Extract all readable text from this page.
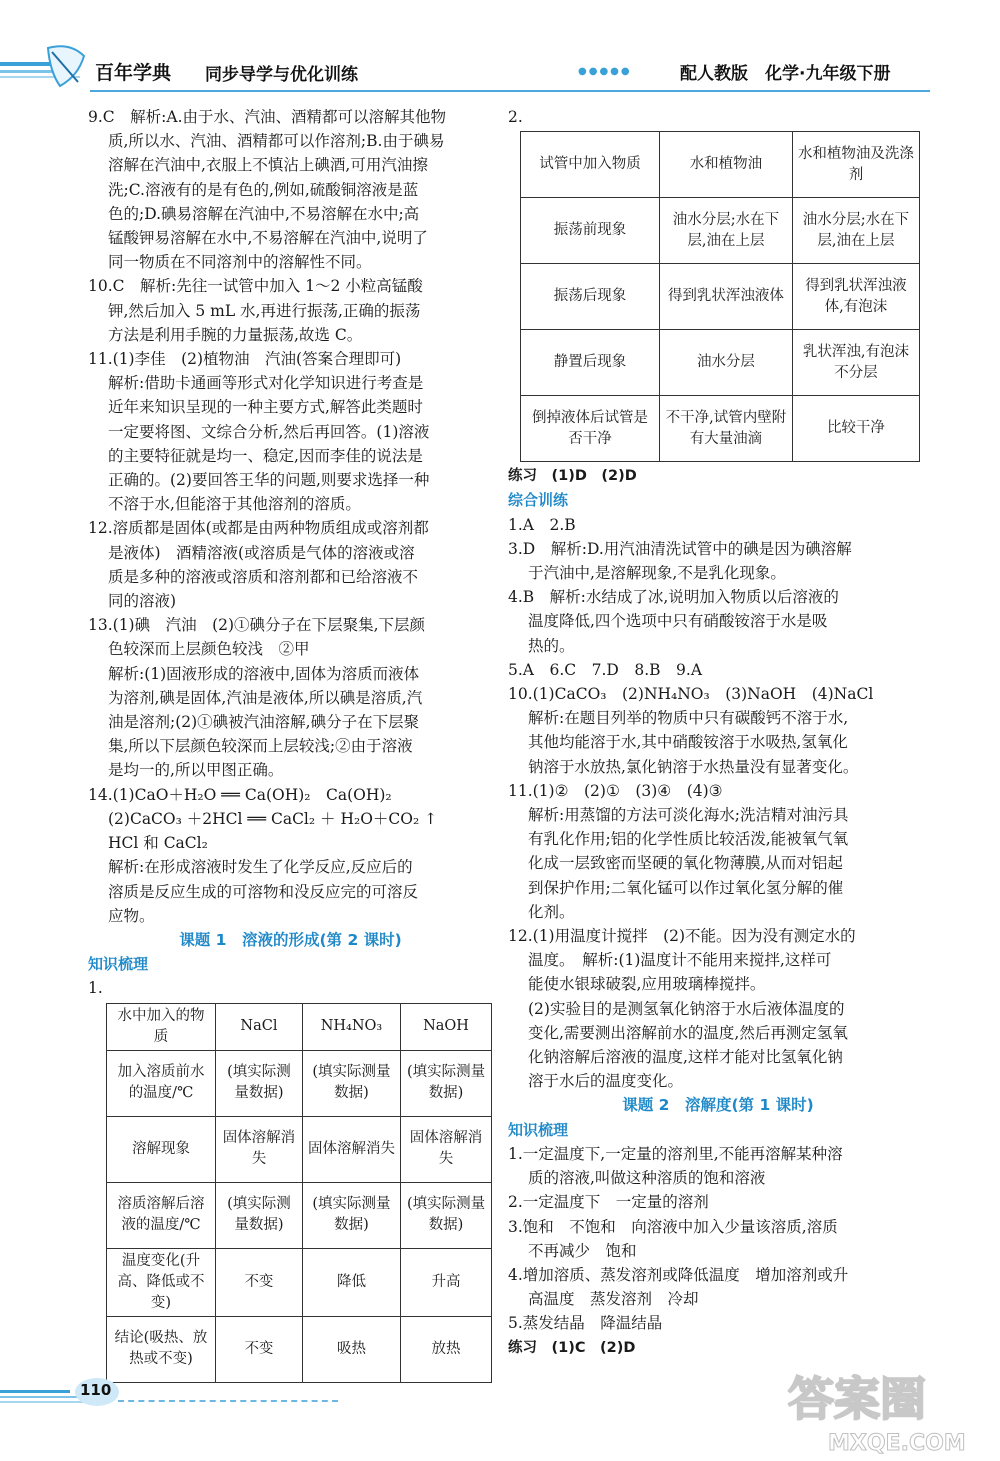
百年学典 同步导学与优化训练	●●●●●	配人教版　 化学·九年级下册

9.C　解析:A.由于水、汽油、酒精都可以溶解其他物

质,所以水、汽油、酒精都可以作溶剂;B.由于碘易

溶解在汽油中,衣服上不慎沾上碘酒,可用汽油擦

洗;C.溶液有的是有色的,例如,硫酸铜溶液是蓝

色的;D.碘易溶解在汽油中,不易溶解在水中;高

锰酸钾易溶解在水中,不易溶解在汽油中,说明了

同一物质在不同溶剂中的溶解性不同。

10.C　解析:先往一试管中加入 1～2 小粒高锰酸

钾,然后加入 5 mL 水,再进行振荡,正确的振荡

方法是利用手腕的力量振荡,故选 C。

11.(1)李佳　(2)植物油　汽油(答案合理即可)

解析:借助卡通画等形式对化学知识进行考查是

近年来知识呈现的一种主要方式,解答此类题时

一定要将图、文综合分析,然后再回答。(1)溶液

的主要特征就是均一、稳定,因而李佳的说法是

正确的。(2)要回答王华的问题,则要求选择一种

不溶于水,但能溶于其他溶剂的溶质。

12.溶质都是固体(或都是由两种物质组成或溶剂都

是液体)　酒精溶液(或溶质是气体的溶液或溶

质是多种的溶液或溶质和溶剂都和已给溶液不

同的溶液)

13.(1)碘　汽油　(2)①碘分子在下层聚集,下层颜

色较深而上层颜色较浅　②甲

解析:(1)固液形成的溶液中,固体为溶质而液体

为溶剂,碘是固体,汽油是液体,所以碘是溶质,汽

油是溶剂;(2)①碘被汽油溶解,碘分子在下层聚

集,所以下层颜色较深而上层较浅;②由于溶液

是均一的,所以甲图正确。

14.(1)CaO＋H₂O ══ Ca(OH)₂　Ca(OH)₂

(2)CaCO₃ ＋2HCl ══ CaCl₂ ＋ H₂O＋CO₂ ↑

HCl 和 CaCl₂

解析:在形成溶液时发生了化学反应,反应后的

溶质是反应生成的可溶物和没反应完的可溶反

应物。

课题 1　溶液的形成(第 2 课时)

知识梳理

1.

水中加入的物质	NaCl	NH₄NO₃	NaOH
加入溶质前水的温度/℃	(填实际测量数据)	(填实际测量数据)	(填实际测量数据)
溶解现象	固体溶解消失	固体溶解消失	固体溶解消失
溶质溶解后溶液的温度/℃	(填实际测量数据)	(填实际测量数据)	(填实际测量数据)
温度变化(升高、降低或不变)	不变	降低	升高
结论(吸热、放热或不变)	不变	吸热	放热

2.

试管中加入物质	水和植物油	水和植物油及洗涤剂
振荡前现象	油水分层;水在下层,油在上层	油水分层;水在下层,油在上层
振荡后现象	得到乳状浑浊液体	得到乳状浑浊液体,有泡沫
静置后现象	油水分层	乳状浑浊,有泡沫不分层
倒掉液体后试管是否干净	不干净,试管内壁附有大量油滴	比较干净

练习　(1)D　(2)D

综合训练

1.A　2.B

3.D　解析:D.用汽油清洗试管中的碘是因为碘溶解

于汽油中,是溶解现象,不是乳化现象。

4.B　解析:水结成了冰,说明加入物质以后溶液的

温度降低,四个选项中只有硝酸铵溶于水是吸

热的。

5.A　6.C　7.D　8.B　9.A

10.(1)CaCO₃　(2)NH₄NO₃　(3)NaOH　(4)NaCl

解析:在题目列举的物质中只有碳酸钙不溶于水,

其他均能溶于水,其中硝酸铵溶于水吸热,氢氧化

钠溶于水放热,氯化钠溶于水热量没有显著变化。

11.(1)②　(2)①　(3)④　(4)③

解析:用蒸馏的方法可淡化海水;洗洁精对油污具

有乳化作用;铝的化学性质比较活泼,能被氧气氧

化成一层致密而坚硬的氧化物薄膜,从而对铝起

到保护作用;二氧化锰可以作过氧化氢分解的催

化剂。

12.(1)用温度计搅拌　(2)不能。因为没有测定水的

温度。　解析:(1)温度计不能用来搅拌,这样可

能使水银球破裂,应用玻璃棒搅拌。

(2)实验目的是测氢氧化钠溶于水后液体温度的

变化,需要测出溶解前水的温度,然后再测定氢氧

化钠溶解后溶液的温度,这样才能对比氢氧化钠

溶于水后的温度变化。

课题 2　溶解度(第 1 课时)

知识梳理

1.一定温度下,一定量的溶剂里,不能再溶解某种溶

质的溶液,叫做这种溶质的饱和溶液

2.一定温度下　一定量的溶剂

3.饱和　不饱和　向溶液中加入少量该溶质,溶质

不再减少　饱和

4.增加溶质、蒸发溶剂或降低温度　增加溶剂或升

高温度　蒸发溶剂　冷却

5.蒸发结晶　降温结晶

练习　(1)C　(2)D

110	答案圈
MXQE.COM
